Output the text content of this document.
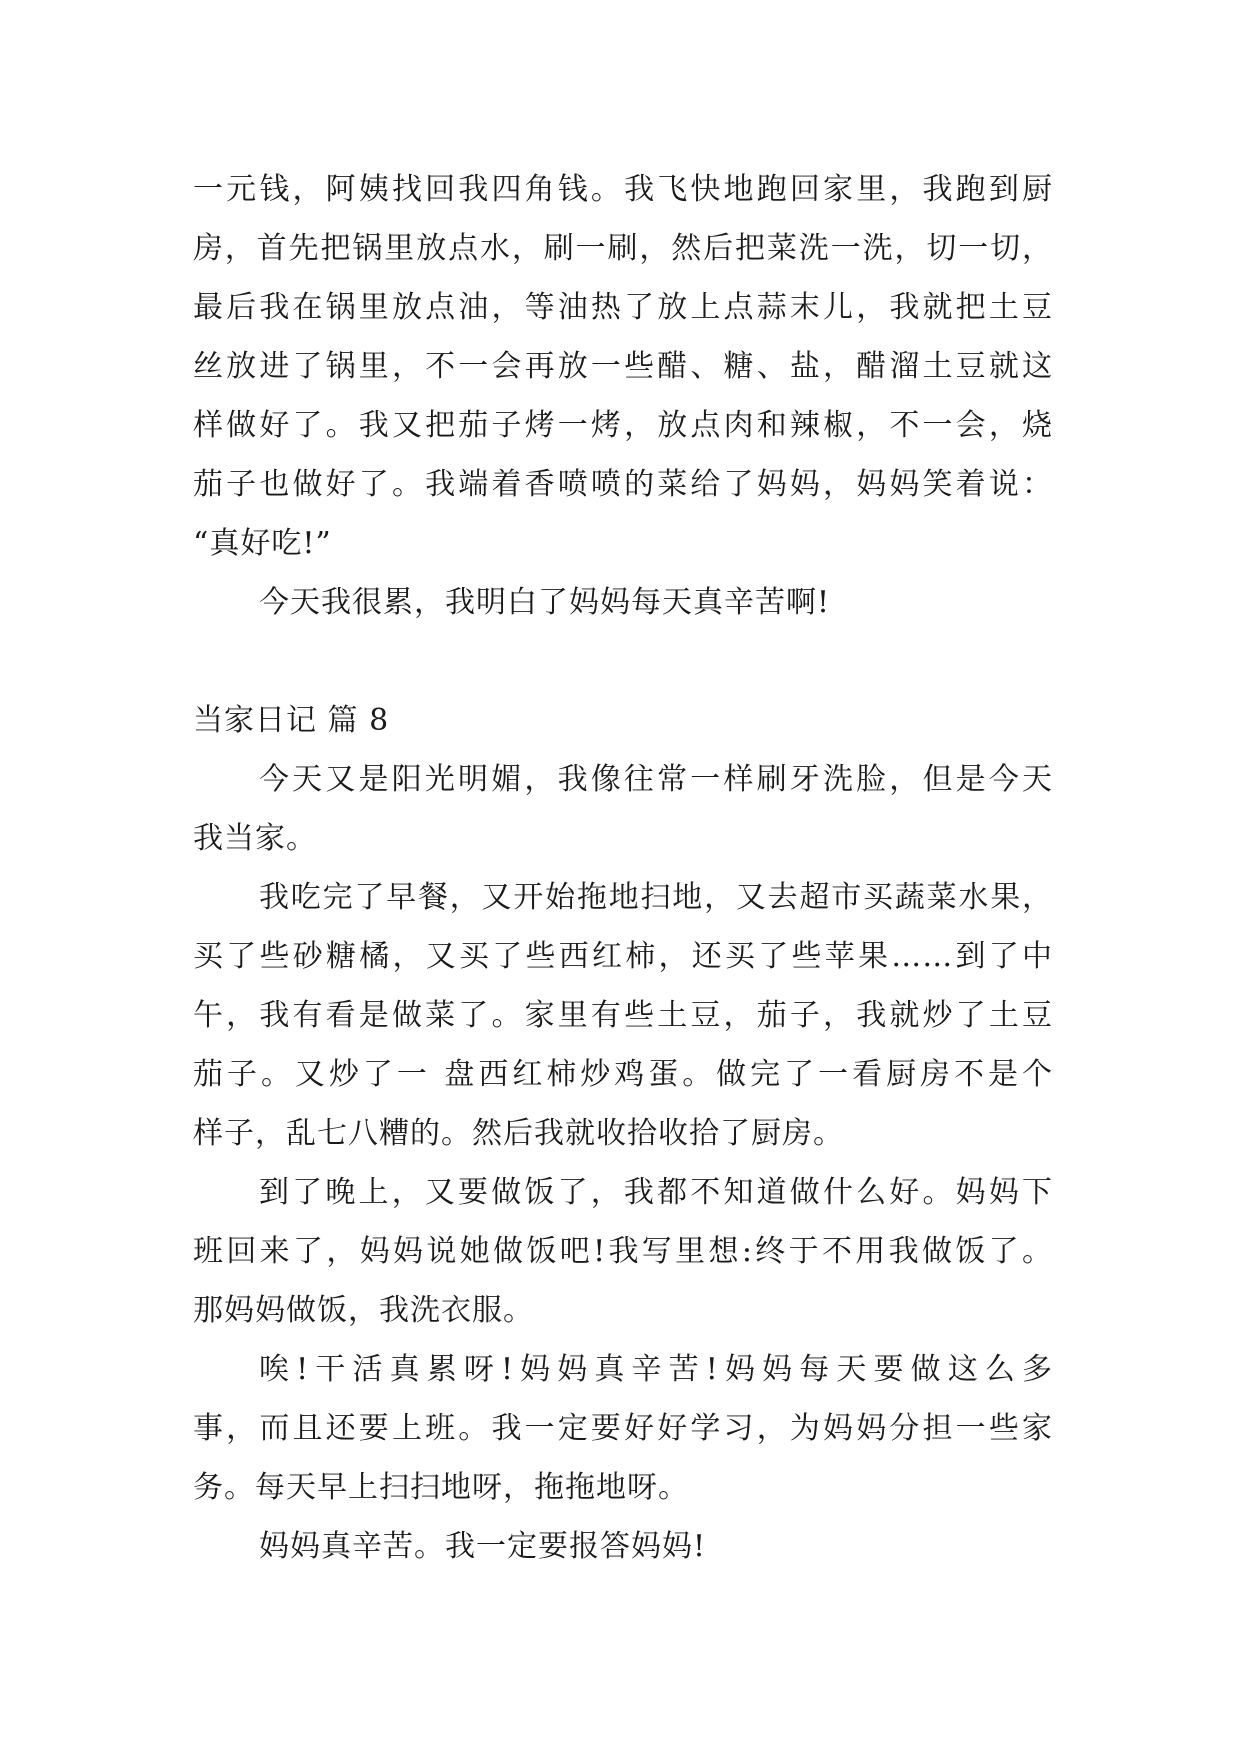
一元钱，阿姨找回我四角钱。我飞快地跑回家里，我跑到厨
房，首先把锅里放点水，刷一刷，然后把菜洗一洗，切一切，
最后我在锅里放点油，等油热了放上点蒜末儿，我就把土豆
丝放进了锅里，不一会再放一些醋、糖、盐，醋溜土豆就这
样做好了。我又把茄子烤一烤，放点肉和辣椒，不一会，烧
茄子也做好了。我端着香喷喷的菜给了妈妈，妈妈笑着说：
“真好吃!”
今天我很累，我明白了妈妈每天真辛苦啊!
当家日记 篇 8
今天又是阳光明媚，我像往常一样刷牙洗脸，但是今天
我当家。
我吃完了早餐，又开始拖地扫地，又去超市买蔬菜水果，
买了些砂糖橘，又买了些西红柿，还买了些苹果……到了中
午，我有看是做菜了。家里有些土豆，茄子，我就炒了土豆
茄子。又炒了一 盘西红柿炒鸡蛋。做完了一看厨房不是个
样子，乱七八糟的。然后我就收拾收拾了厨房。
到了晚上，又要做饭了，我都不知道做什么好。妈妈下
班回来了，妈妈说她做饭吧!我写里想:终于不用我做饭了。
那妈妈做饭，我洗衣服。
唉!干活真累呀!妈妈真辛苦!妈妈每天要做这么多
事，而且还要上班。我一定要好好学习，为妈妈分担一些家
务。每天早上扫扫地呀，拖拖地呀。
妈妈真辛苦。我一定要报答妈妈!
